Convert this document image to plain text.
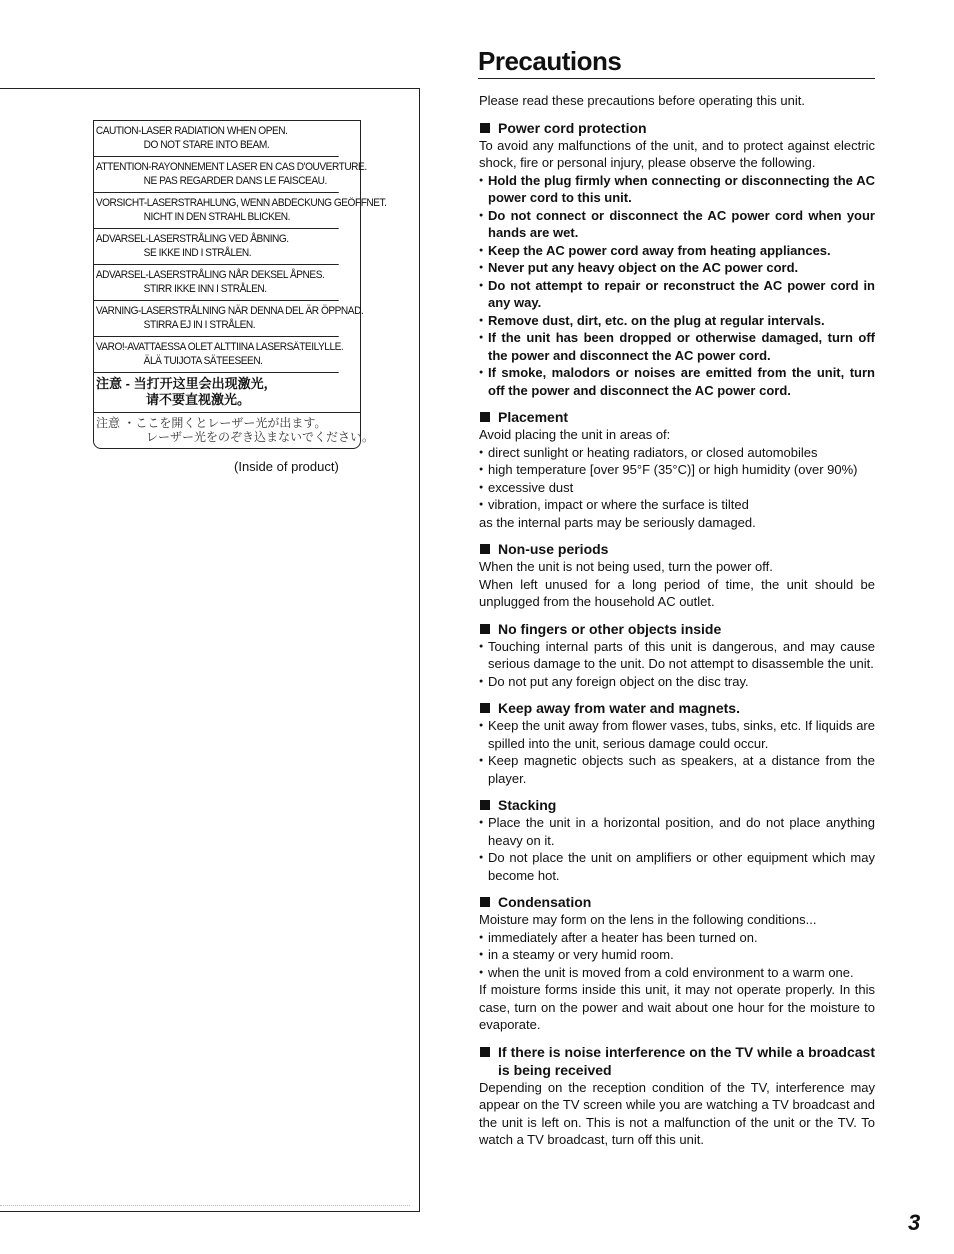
CAUTION-LASER RADIATION WHEN OPEN.
DO NOT STARE INTO BEAM.
ATTENTION-RAYONNEMENT LASER EN CAS D'OUVERTURE.
NE PAS REGARDER DANS LE FAISCEAU.
VORSICHT-LASERSTRAHLUNG, WENN ABDECKUNG GEÖFFNET.
NICHT IN DEN STRAHL BLICKEN.
ADVARSEL-LASERSTRÅLING VED ÅBNING.
SE IKKE IND I STRÅLEN.
ADVARSEL-LASERSTRÅLING NÅR DEKSEL ÅPNES.
STIRR IKKE INN I STRÅLEN.
VARNING-LASERSTRÅLNING NÄR DENNA DEL ÄR ÖPPNAD.
STIRRA EJ IN I STRÅLEN.
VARO!-AVATTAESSA OLET ALTTIINA LASERSÄTEILYLLE.
ÄLÄ TUIJOTA SÄTEESEEN.
注意 - 当打开这里会出现激光，
请不要直视激光。
注意 ・ここを開くとレーザー光が出ます。
レーザー光をのぞき込まないでください。
(Inside of product)
Precautions

Please read these precautions before operating this unit.

Power cord protection

To avoid any malfunctions of the unit, and to protect against electric shock, fire or personal injury, please observe the following.

● Hold the plug firmly when connecting or disconnecting the AC power cord to this unit.
● Do not connect or disconnect the AC power cord when your hands are wet.
● Keep the AC power cord away from heating appliances.
● Never put any heavy object on the AC power cord.
● Do not attempt to repair or reconstruct the AC power cord in any way.
● Remove dust, dirt, etc. on the plug at regular intervals.
● If the unit has been dropped or otherwise damaged, turn off the power and disconnect the AC power cord.
● If smoke, malodors or noises are emitted from the unit, turn off the power and disconnect the AC power cord.
Placement

Avoid placing the unit in areas of:

● direct sunlight or heating radiators, or closed automobiles
● high temperature [over 95°F (35°C)] or high humidity (over 90%)
● excessive dust
● vibration, impact or where the surface is tilted

as the internal parts may be seriously damaged.

Non-use periods

When the unit is not being used, turn the power off.

When left unused for a long period of time, the unit should be unplugged from the household AC outlet.

No fingers or other objects inside
● Touching internal parts of this unit is dangerous, and may cause serious damage to the unit. Do not attempt to disassemble the unit.
● Do not put any foreign object on the disc tray.
Keep away from water and magnets.
● Keep the unit away from flower vases, tubs, sinks, etc. If liquids are spilled into the unit, serious damage could occur.
● Keep magnetic objects such as speakers, at a distance from the player.
Stacking
● Place the unit in a horizontal position, and do not place anything heavy on it.
● Do not place the unit on amplifiers or other equipment which may become hot.
Condensation

Moisture may form on the lens in the following conditions...

● immediately after a heater has been turned on.
● in a steamy or very humid room.
● when the unit is moved from a cold environment to a warm one.

If moisture forms inside this unit, it may not operate properly. In this case, turn on the power and wait about one hour for the moisture to evaporate.

If there is noise interference on the TV while a broadcast is being received

Depending on the reception condition of the TV, interference may appear on the TV screen while you are watching a TV broadcast and the unit is left on. This is not a malfunction of the unit or the TV. To watch a TV broadcast, turn off this unit.

3
